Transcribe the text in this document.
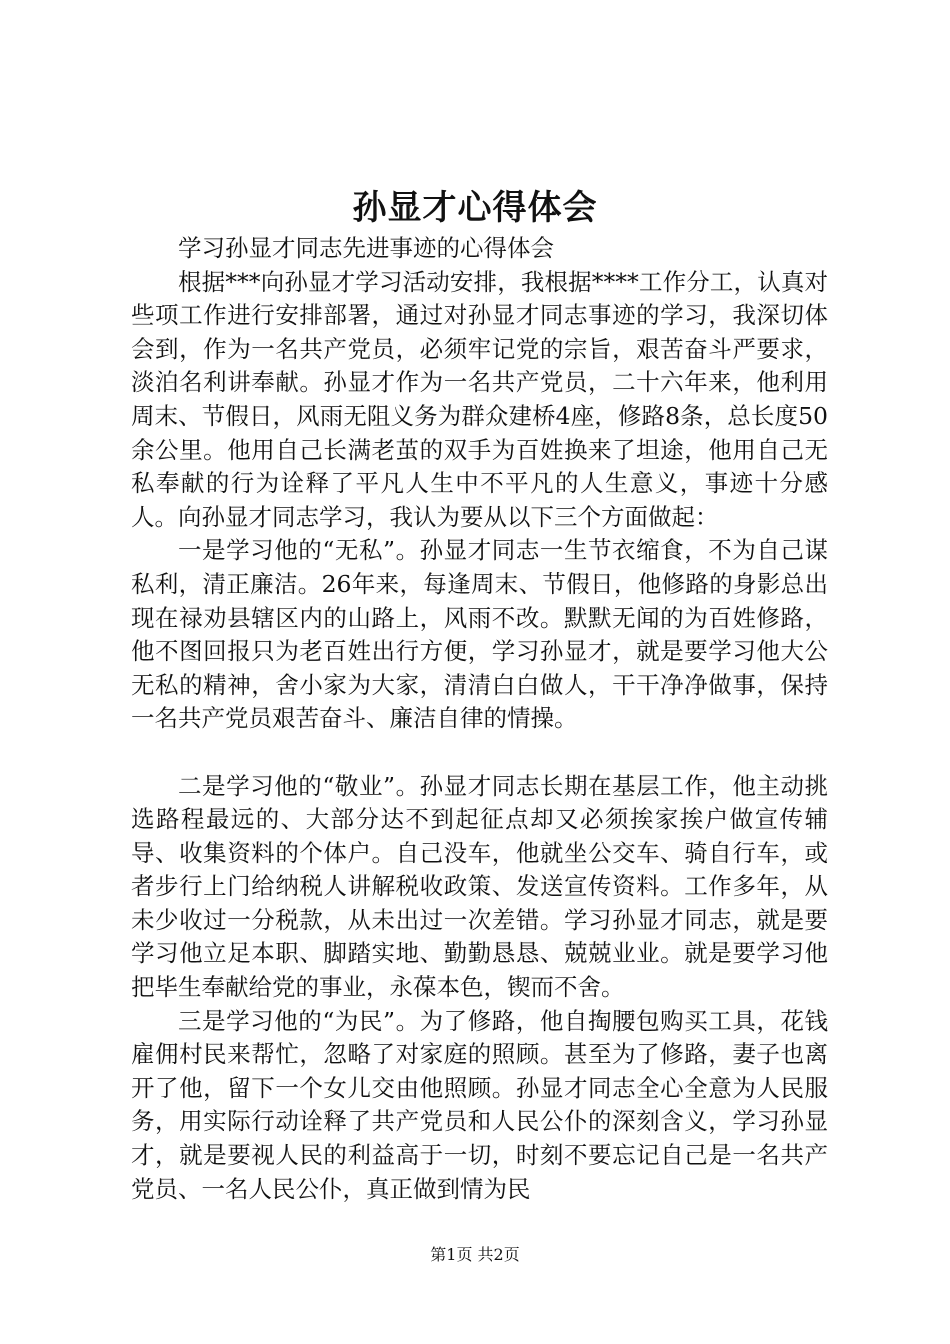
孙显才心得体会

学习孙显才同志先进事迹的心得体会

根据***向孙显才学习活动安排，我根据****工作分工，认真对些项工作进行安排部署，通过对孙显才同志事迹的学习，我深切体会到，作为一名共产党员，必须牢记党的宗旨，艰苦奋斗严要求，淡泊名利讲奉献。孙显才作为一名共产党员，二十六年来，他利用周末、节假日，风雨无阻义务为群众建桥4座，修路8条，总长度50余公里。他用自己长满老茧的双手为百姓换来了坦途，他用自己无私奉献的行为诠释了平凡人生中不平凡的人生意义，事迹十分感人。向孙显才同志学习，我认为要从以下三个方面做起：

一是学习他的“无私”。孙显才同志一生节衣缩食，不为自己谋私利，清正廉洁。26年来，每逢周末、节假日，他修路的身影总出现在禄劝县辖区内的山路上，风雨不改。默默无闻的为百姓修路，他不图回报只为老百姓出行方便，学习孙显才，就是要学习他大公无私的精神，舍小家为大家，清清白白做人，干干净净做事，保持一名共产党员艰苦奋斗、廉洁自律的情操。

二是学习他的“敬业”。孙显才同志长期在基层工作，他主动挑选路程最远的、大部分达不到起征点却又必须挨家挨户做宣传辅导、收集资料的个体户。自己没车，他就坐公交车、骑自行车，或者步行上门给纳税人讲解税收政策、发送宣传资料。工作多年，从未少收过一分税款，从未出过一次差错。学习孙显才同志，就是要学习他立足本职、脚踏实地、勤勤恳恳、兢兢业业。就是要学习他把毕生奉献给党的事业，永葆本色，锲而不舍。

三是学习他的“为民”。为了修路，他自掏腰包购买工具，花钱雇佣村民来帮忙，忽略了对家庭的照顾。甚至为了修路，妻子也离开了他，留下一个女儿交由他照顾。孙显才同志全心全意为人民服务，用实际行动诠释了共产党员和人民公仆的深刻含义，学习孙显才，就是要视人民的利益高于一切，时刻不要忘记自己是一名共产党员、一名人民公仆，真正做到情为民

第1页 共2页
